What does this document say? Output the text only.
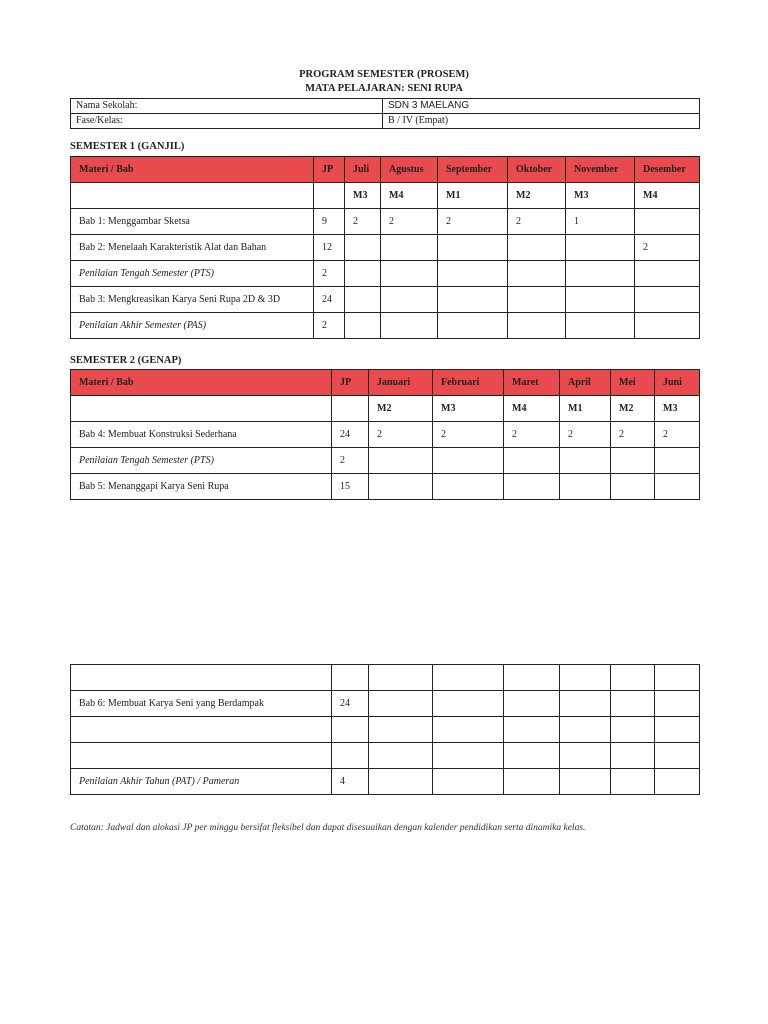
PROGRAM SEMESTER (PROSEM)
MATA PELAJARAN: SENI RUPA
Nama Sekolah:	SDN 3 MAELANG
Fase/Kelas:	B / IV (Empat)
SEMESTER 1 (GANJIL)
Materi / Bab	JP	Juli	Agustus	September	Oktober	November	Desember
		M3	M4	M1	M2	M3	M4
Bab 1: Menggambar Sketsa	9	2	2	2	2	1	
Bab 2: Menelaah Karakteristik Alat dan Bahan	12						2
Penilaian Tengah Semester (PTS)	2						
Bab 3: Mengkreasikan Karya Seni Rupa 2D & 3D	24						
Penilaian Akhir Semester (PAS)	2						
SEMESTER 2 (GENAP)
Materi / Bab	JP	Januari	Februari	Maret	April	Mei	Juni
		M2	M3	M4	M1	M2	M3
Bab 4: Membuat Konstruksi Sederhana	24	2	2	2	2	2	2
Penilaian Tengah Semester (PTS)	2						
Bab 5: Menanggapi Karya Seni Rupa	15						

Bab 6: Membuat Karya Seni yang Berdampak	24						

Penilaian Akhir Tahun (PAT) / Pameran	4						
Catatan: Jadwal dan alokasi JP per minggu bersifat fleksibel dan dapat disesuaikan dengan kalender pendidikan serta dinamika kelas.
